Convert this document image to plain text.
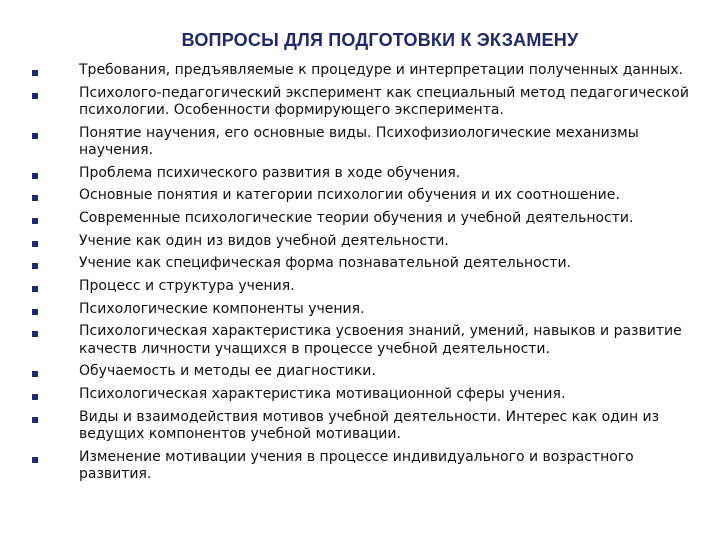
ВОПРОСЫ ДЛЯ ПОДГОТОВКИ К ЭКЗАМЕНУ
Требования, предъявляемые к процедуре и интерпретации полученных данных.
Психолого-педагогический эксперимент как специальный метод педагогической психологии. Особенности формирующего эксперимента.
Понятие научения, его основные виды. Психофизиологические механизмы научения.
Проблема психического развития в ходе обучения.
Основные понятия и категории психологии обучения и их соотношение.
Современные психологические теории обучения и учебной деятельности.
Учение как один из видов учебной деятельности.
Учение как специфическая форма познавательной деятельности.
Процесс и структура учения.
Психологические компоненты учения.
Психологическая характеристика усвоения знаний, умений, навыков и развитие качеств личности учащихся в процессе учебной деятельности.
Обучаемость и методы ее диагностики.
Психологическая характеристика мотивационной сферы учения.
Виды и взаимодействия мотивов учебной деятельности. Интерес как один из ведущих компонентов учебной мотивации.
Изменение мотивации учения в процессе индивидуального и возрастного развития.
